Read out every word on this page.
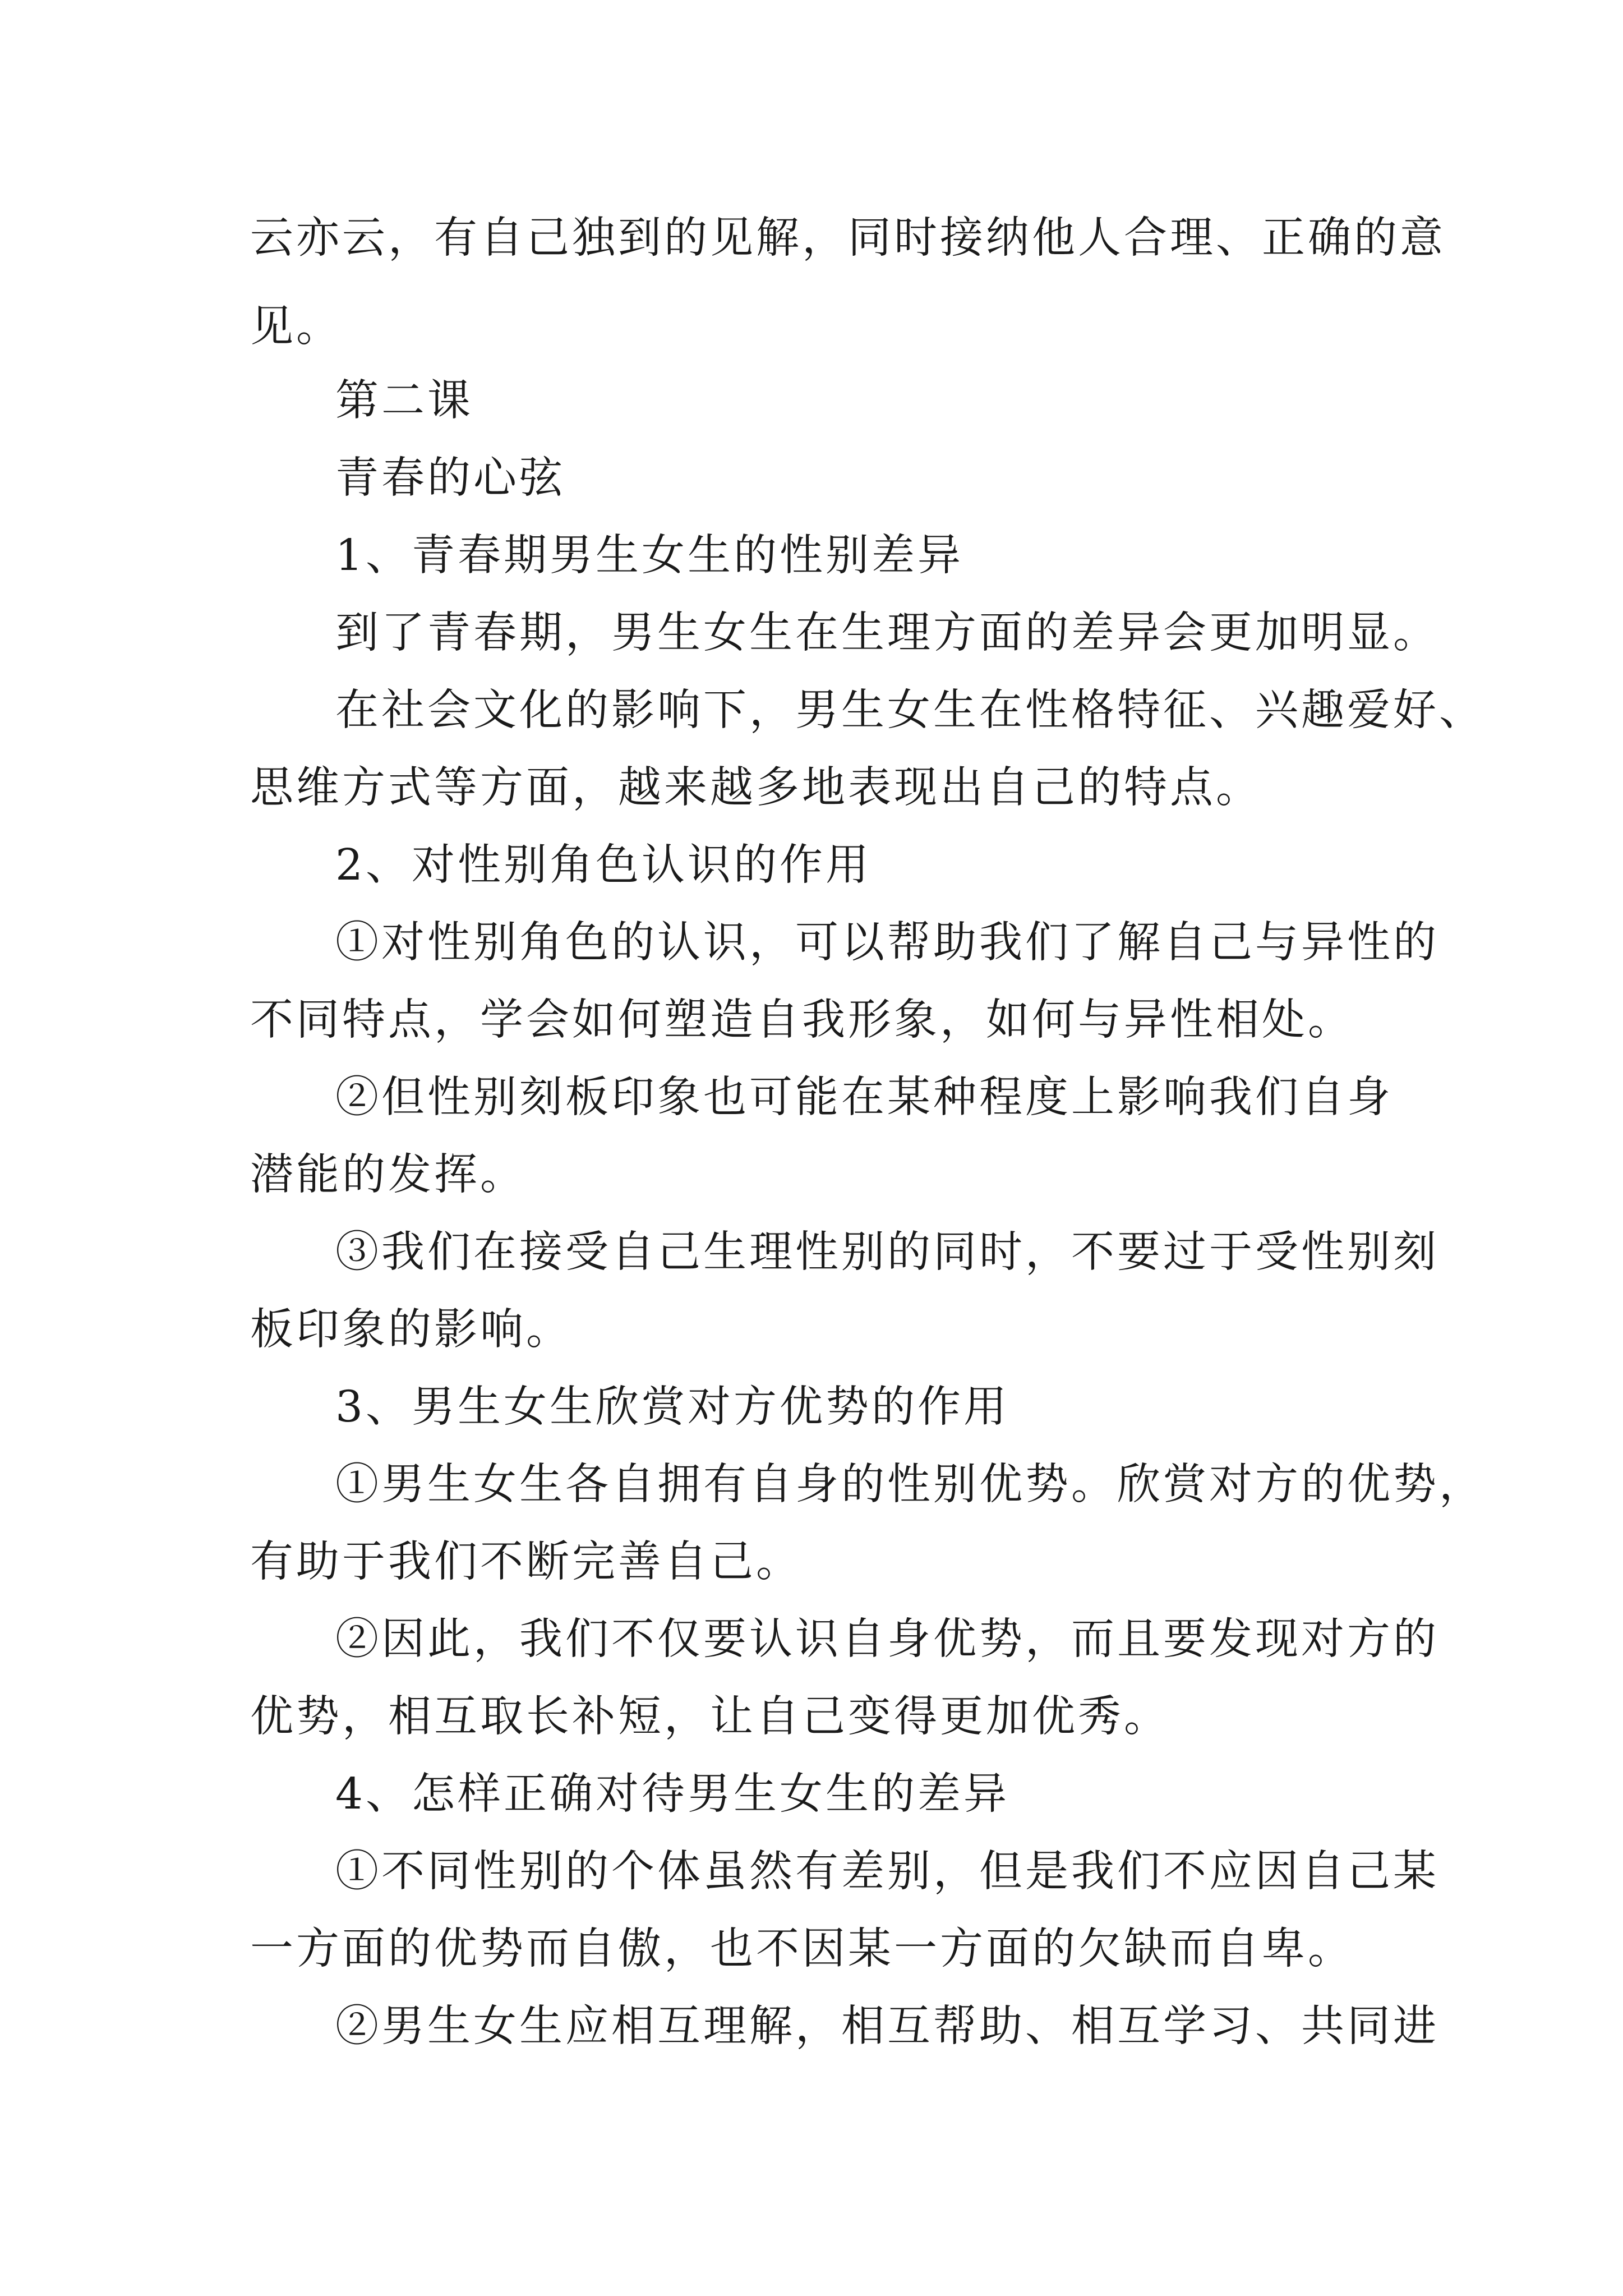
云亦云，有自己独到的见解，同时接纳他人合理、正确的意
见。
第二课
青春的心弦
1、青春期男生女生的性别差异
到了青春期，男生女生在生理方面的差异会更加明显。
在社会文化的影响下，男生女生在性格特征、兴趣爱好、
思维方式等方面，越来越多地表现出自己的特点。
2、对性别角色认识的作用
①对性别角色的认识，可以帮助我们了解自己与异性的
不同特点，学会如何塑造自我形象，如何与异性相处。
②但性别刻板印象也可能在某种程度上影响我们自身
潜能的发挥。
③我们在接受自己生理性别的同时，不要过于受性别刻
板印象的影响。
3、男生女生欣赏对方优势的作用
①男生女生各自拥有自身的性别优势。欣赏对方的优势，
有助于我们不断完善自己。
②因此，我们不仅要认识自身优势，而且要发现对方的
优势，相互取长补短，让自己变得更加优秀。
4、怎样正确对待男生女生的差异
①不同性别的个体虽然有差别，但是我们不应因自己某
一方面的优势而自傲，也不因某一方面的欠缺而自卑。
②男生女生应相互理解，相互帮助、相互学习、共同进
